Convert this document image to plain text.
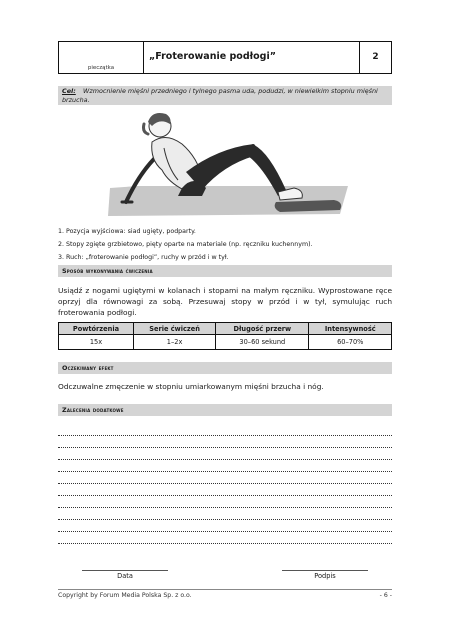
pieczątka
„Froterowanie podłogi”	2
Cel: Wzmocnienie mięśni przedniego i tylnego pasma uda, podudzi, w niewielkim stopniu mięśni brzucha.
1. Pozycja wyjściowa: siad ugięty, podparty.
2. Stopy zgięte grzbietowo, pięty oparte na materiale (np. ręczniku kuchennym).
3. Ruch: „froterowanie podłogi”, ruchy w przód i w tył.
Sposób wykonywania ćwiczenia
Usiądź z nogami ugiętymi w kolanach i stopami na małym ręczniku. Wyprostowane ręce oprzyj dla równowagi za sobą. Przesuwaj stopy w przód i w tył, symulując ruch froterowania podłogi.
Powtórzenia	Serie ćwiczeń	Długość przerw	Intensywność
15x	1–2x	30–60 sekund	60–70%
Oczekiwany efekt
Odczuwalne zmęczenie w stopniu umiarkowanym mięśni brzucha i nóg.
Zalecenia dodatkowe
Data	Podpis
Copyright by Forum Media Polska Sp. z o.o.	- 6 -
